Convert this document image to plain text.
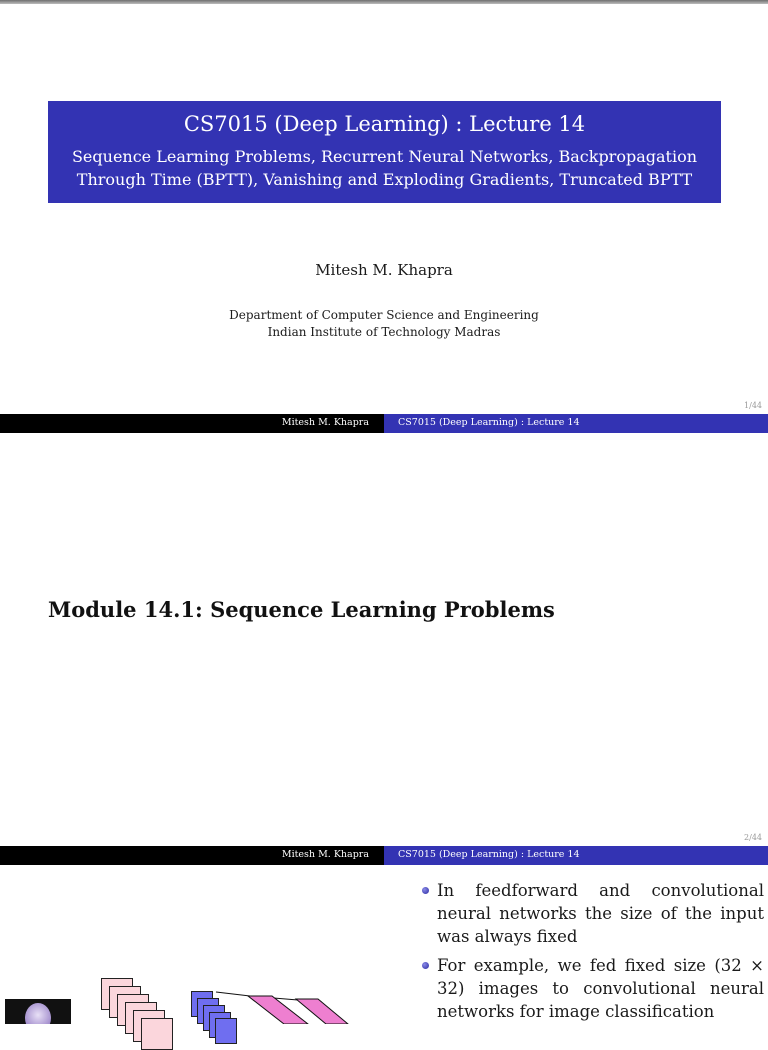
CS7015 (Deep Learning) : Lecture 14
Sequence Learning Problems, Recurrent Neural Networks, Backpropagation
Through Time (BPTT), Vanishing and Exploding Gradients, Truncated BPTT
Mitesh M. Khapra
Department of Computer Science and Engineering
Indian Institute of Technology Madras
1/44
Mitesh M. Khapra	CS7015 (Deep Learning) : Lecture 14
Module 14.1: Sequence Learning Problems
2/44
Mitesh M. Khapra	CS7015 (Deep Learning) : Lecture 14
In feedforward and convolutional neural networks the size of the input was always fixed
For example, we fed fixed size (32 × 32) images to convolutional neural networks for image classification
